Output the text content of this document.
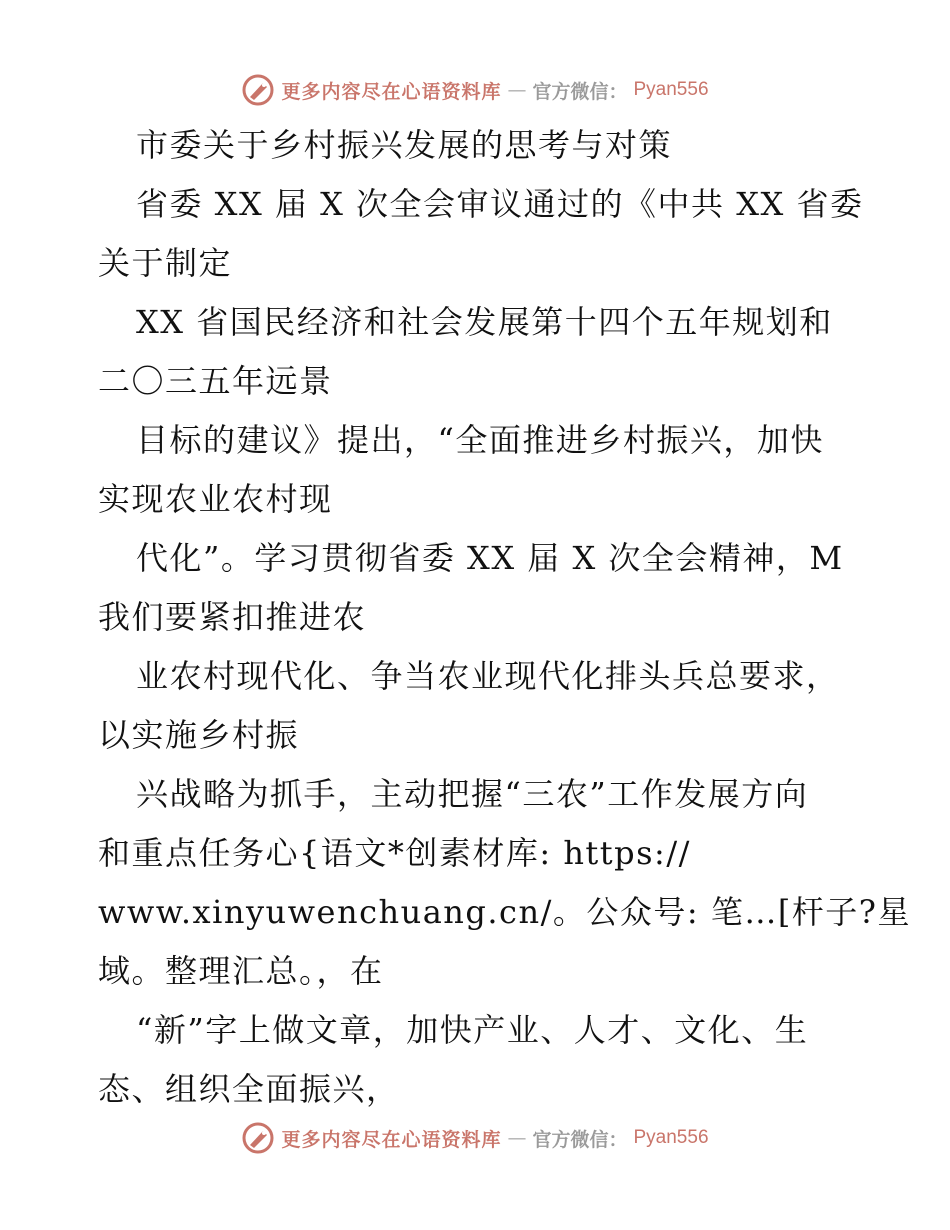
更多内容尽在心语资料库 — 官方微信： Pyan556
市委关于乡村振兴发展的思考与对策
省委 XX 届 X 次全会审议通过的《中共 XX 省委
关于制定
XX 省国民经济和社会发展第十四个五年规划和
二〇三五年远景
目标的建议》提出，“全面推进乡村振兴，加快
实现农业农村现
代化”。学习贯彻省委 XX 届 X 次全会精神，M
我们要紧扣推进农
业农村现代化、争当农业现代化排头兵总要求，
以实施乡村振
兴战略为抓手，主动把握“三农”工作发展方向
和重点任务心{语文*创素材库: https://
www.xinyuwenchuang.cn/。公众号: 笔…[杆子?星
域。整理汇总。，在
“新”字上做文章，加快产业、人才、文化、生
态、组织全面振兴，
更多内容尽在心语资料库 — 官方微信： Pyan556
